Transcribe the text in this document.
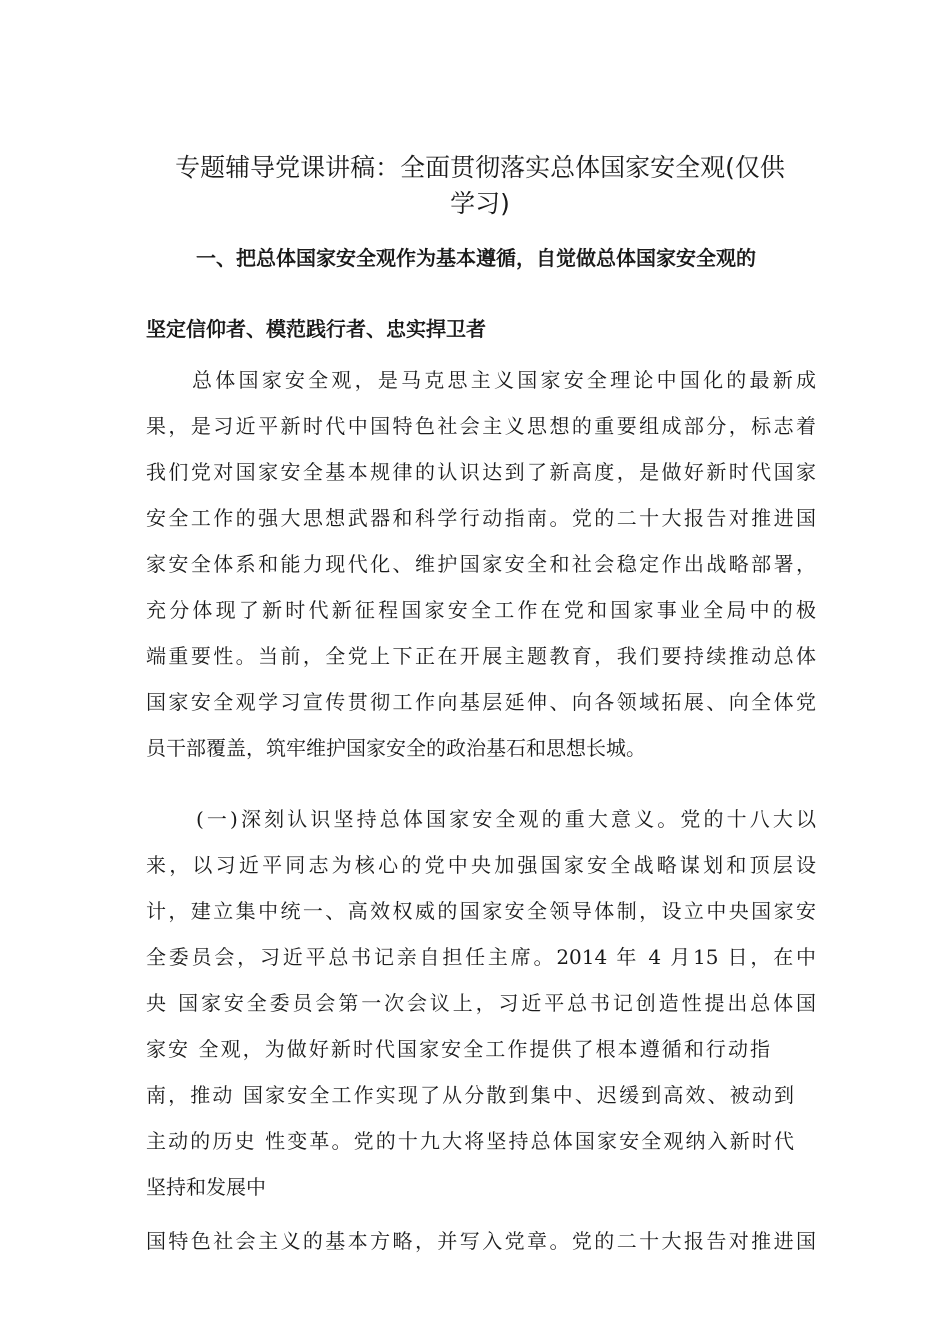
专题辅导党课讲稿：全面贯彻落实总体国家安全观(仅供
学习)
一、把总体国家安全观作为基本遵循，自觉做总体国家安全观的
坚定信仰者、模范践行者、忠实捍卫者
总体国家安全观，是马克思主义国家安全理论中国化的最新成
果，是习近平新时代中国特色社会主义思想的重要组成部分，标志着
我们党对国家安全基本规律的认识达到了新高度，是做好新时代国家
安全工作的强大思想武器和科学行动指南。党的二十大报告对推进国
家安全体系和能力现代化、维护国家安全和社会稳定作出战略部署，
充分体现了新时代新征程国家安全工作在党和国家事业全局中的极
端重要性。当前，全党上下正在开展主题教育，我们要持续推动总体
国家安全观学习宣传贯彻工作向基层延伸、向各领域拓展、向全体党
员干部覆盖，筑牢维护国家安全的政治基石和思想长城。
(一)深刻认识坚持总体国家安全观的重大意义。党的十八大以
来，以习近平同志为核心的党中央加强国家安全战略谋划和顶层设
计，建立集中统一、高效权威的国家安全领导体制，设立中央国家安
全委员会，习近平总书记亲自担任主席。2014 年 4 月15 日，在中
央 国家安全委员会第一次会议上，习近平总书记创造性提出总体国
家安 全观，为做好新时代国家安全工作提供了根本遵循和行动指
南，推动 国家安全工作实现了从分散到集中、迟缓到高效、被动到
主动的历史 性变革。党的十九大将坚持总体国家安全观纳入新时代
坚持和发展中
国特色社会主义的基本方略，并写入党章。党的二十大报告对推进国
